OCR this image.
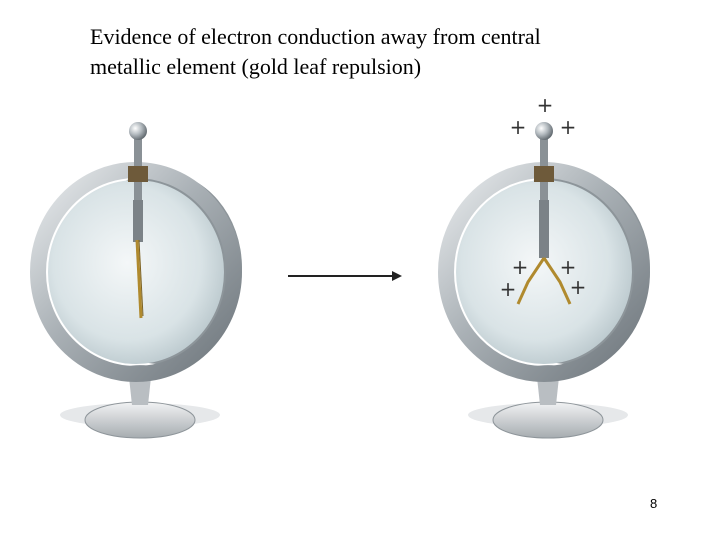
Evidence of electron conduction away from central
metallic element (gold leaf repulsion)
+
+ +
+ +
+	+
8
